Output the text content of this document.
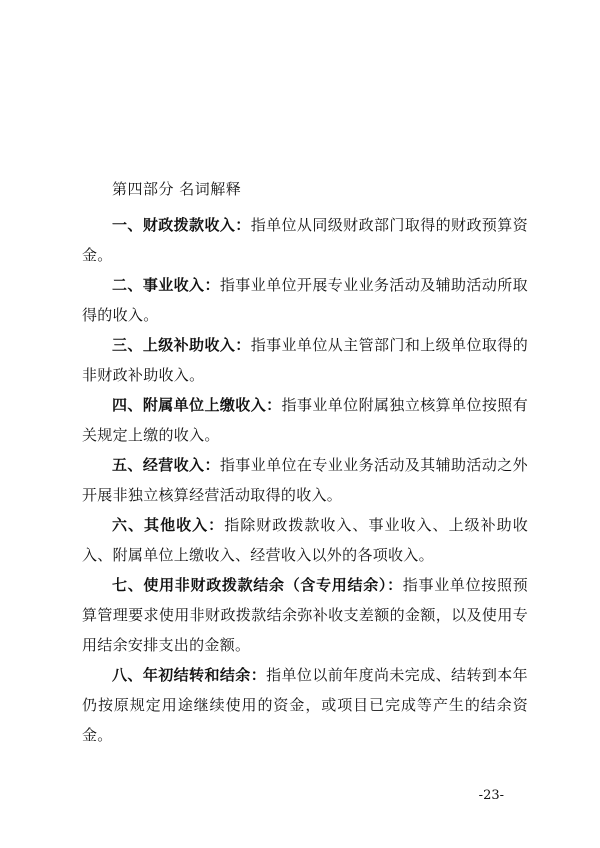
第四部分 名词解释

一、财政拨款收入：指单位从同级财政部门取得的财政预算资金。

二、事业收入：指事业单位开展专业业务活动及辅助活动所取得的收入。

三、上级补助收入：指事业单位从主管部门和上级单位取得的非财政补助收入。

四、附属单位上缴收入：指事业单位附属独立核算单位按照有关规定上缴的收入。

五、经营收入：指事业单位在专业业务活动及其辅助活动之外开展非独立核算经营活动取得的收入。

六、其他收入：指除财政拨款收入、事业收入、上级补助收入、附属单位上缴收入、经营收入以外的各项收入。

七、使用非财政拨款结余（含专用结余）：指事业单位按照预算管理要求使用非财政拨款结余弥补收支差额的金额，以及使用专用结余安排支出的金额。

八、年初结转和结余：指单位以前年度尚未完成、结转到本年仍按原规定用途继续使用的资金，或项目已完成等产生的结余资金。

-23-
